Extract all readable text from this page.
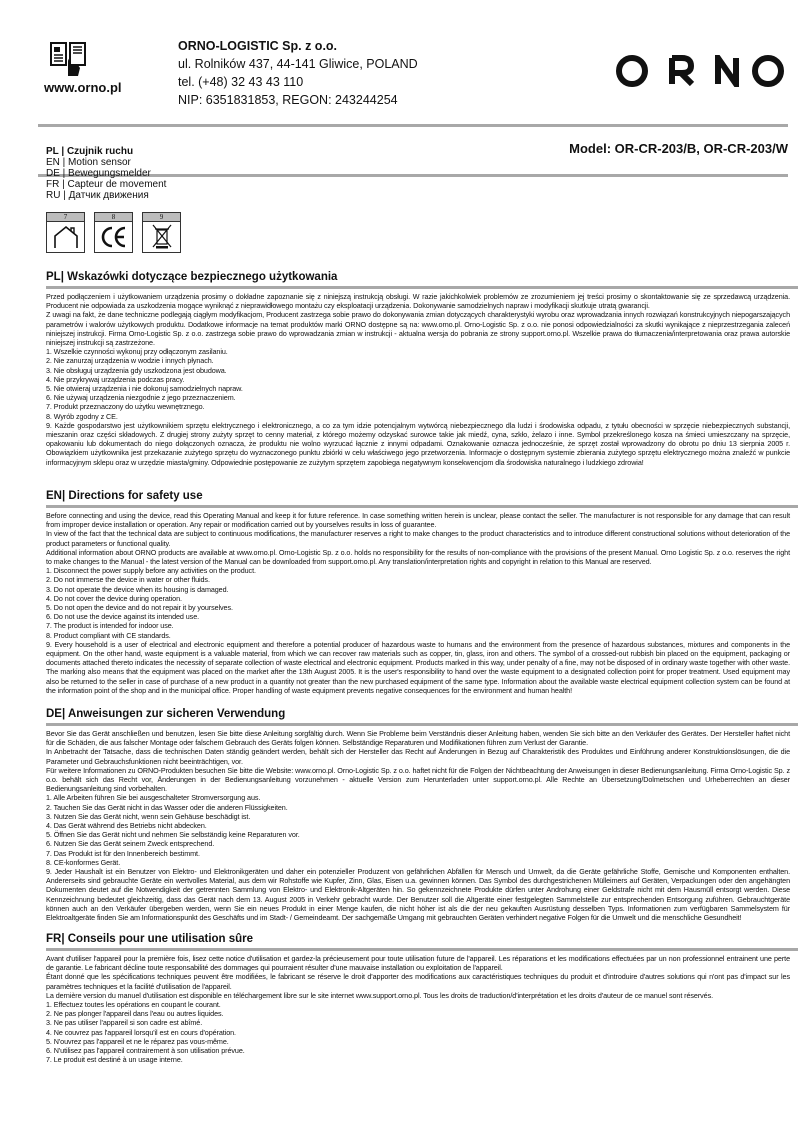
www.orno.pl
ORNO-LOGISTIC Sp. z o.o.
ul. Rolników 437, 44-141 Gliwice, POLAND
tel. (+48) 32 43 43 110
NIP: 6351831853, REGON: 243244254
Model: OR-CR-203/B, OR-CR-203/W
PL | Czujnik ruchu
EN | Motion sensor
DE | Bewegungsmelder
FR | Capteur de movement
RU | Датчик движения
7	8	9
PL| Wskazówki dotyczące bezpiecznego użytkowania

Przed podłączeniem i użytkowaniem urządzenia prosimy o dokładne zapoznanie się z niniejszą instrukcją obsługi. W razie jakichkolwiek problemów ze zrozumieniem jej treści prosimy o skontaktowanie się ze sprzedawcą urządzenia. Producent nie odpowiada za uszkodzenia mogące wyniknąć z nieprawidłowego montażu czy eksploatacji urządzenia. Dokonywanie samodzielnych napraw i modyfikacji skutkuje utratą gwarancji.

Z uwagi na fakt, że dane techniczne podlegają ciągłym modyfikacjom, Producent zastrzega sobie prawo do dokonywania zmian dotyczących charakterystyki wyrobu oraz wprowadzania innych rozwiązań konstrukcyjnych niepogarszających parametrów i walorów użytkowych produktu. Dodatkowe informacje na temat produktów marki ORNO dostępne są na: www.orno.pl. Orno-Logistic Sp. z o.o. nie ponosi odpowiedzialności za skutki wynikające z nieprzestrzegania zaleceń niniejszej instrukcji. Firma Orno-Logistic Sp. z o.o. zastrzega sobie prawo do wprowadzania zmian w instrukcji - aktualna wersja do pobrania ze strony support.orno.pl. Wszelkie prawa do tłumaczenia/interpretowania oraz prawa autorskie niniejszej instrukcji są zastrzeżone.

1. Wszelkie czynności wykonuj przy odłączonym zasilaniu.

2. Nie zanurzaj urządzenia w wodzie i innych płynach.

3. Nie obsługuj urządzenia gdy uszkodzona jest obudowa.

4. Nie przykrywaj urządzenia podczas pracy.

5. Nie otwieraj urządzenia i nie dokonuj samodzielnych napraw.

6. Nie używaj urządzenia niezgodnie z jego przeznaczeniem.

7. Produkt przeznaczony do użytku wewnętrznego.

8. Wyrób zgodny z CE.

9. Każde gospodarstwo jest użytkownikiem sprzętu elektrycznego i elektronicznego, a co za tym idzie potencjalnym wytwórcą niebezpiecznego dla ludzi i środowiska odpadu, z tytułu obecności w sprzęcie niebezpiecznych substancji, mieszanin oraz części składowych. Z drugiej strony zużyty sprzęt to cenny materiał, z którego możemy odzyskać surowce takie jak miedź, cyna, szkło, żelazo i inne. Symbol przekreślonego kosza na śmieci umieszczany na sprzęcie, opakowaniu lub dokumentach do niego dołączonych oznacza, że produktu nie wolno wyrzucać łącznie z innymi odpadami. Oznakowanie oznacza jednocześnie, że sprzęt został wprowadzony do obrotu po dniu 13 sierpnia 2005 r. Obowiązkiem użytkownika jest przekazanie zużytego sprzętu do wyznaczonego punktu zbiórki w celu właściwego jego przetworzenia. Informacje o dostępnym systemie zbierania zużytego sprzętu elektrycznego można znaleźć w punkcie informacyjnym sklepu oraz w urzędzie miasta/gminy. Odpowiednie postępowanie ze zużytym sprzętem zapobiega negatywnym konsekwencjom dla środowiska naturalnego i ludzkiego zdrowia!

EN| Directions for safety use

Before connecting and using the device, read this Operating Manual and keep it for future reference. In case something written herein is unclear, please contact the seller. The manufacturer is not responsible for any damage that can result from improper device installation or operation. Any repair or modification carried out by yourselves results in loss of guarantee.

In view of the fact that the technical data are subject to continuous modifications, the manufacturer reserves a right to make changes to the product characteristics and to introduce different constructional solutions without deterioration of the product parameters or functional quality.

Additional information about ORNO products are available at www.orno.pl. Orno-Logistic Sp. z o.o. holds no responsibility for the results of non-compliance with the provisions of the present Manual. Orno Logistic Sp. z o.o. reserves the right to make changes to the Manual - the latest version of the Manual can be downloaded from support.orno.pl. Any translation/interpretation rights and copyright in relation to this Manual are reserved.

1. Disconnect the power supply before any activities on the product.

2. Do not immerse the device in water or other fluids.

3. Do not operate the device when its housing is damaged.

4. Do not cover the device during operation.

5. Do not open the device and do not repair it by yourselves.

6. Do not use the device against its intended use.

7. The product is intended for indoor use.

8. Product compliant with CE standards.

9. Every household is a user of electrical and electronic equipment and therefore a potential producer of hazardous waste to humans and the environment from the presence of hazardous substances, mixtures and components in the equipment. On the other hand, waste equipment is a valuable material, from which we can recover raw materials such as copper, tin, glass, iron and others. The symbol of a crossed-out rubbish bin placed on the equipment, packaging or documents attached thereto indicates the necessity of separate collection of waste electrical and electronic equipment. Products marked in this way, under penalty of a fine, may not be disposed of in ordinary waste together with other waste. The marking also means that the equipment was placed on the market after the 13th August 2005. It is the user's responsibility to hand over the waste equipment to a designated collection point for proper treatment. Used equipment may also be returned to the seller in case of purchase of a new product in a quantity not greater than the new purchased equipment of the same type. Information about the available waste electrical equipment collection system can be found at the information point of the shop and in the municipal office. Proper handling of waste equipment prevents negative consequences for the environment and human health!

DE| Anweisungen zur sicheren Verwendung

Bevor Sie das Gerät anschließen und benutzen, lesen Sie bitte diese Anleitung sorgfältig durch. Wenn Sie Probleme beim Verständnis dieser Anleitung haben, wenden Sie sich bitte an den Verkäufer des Gerätes. Der Hersteller haftet nicht für die Schäden, die aus falscher Montage oder falschem Gebrauch des Geräts folgen können. Selbständige Reparaturen und Modifikationen führen zum Verlust der Garantie.

In Anbetracht der Tatsache, dass die technischen Daten ständig geändert werden, behält sich der Hersteller das Recht auf Änderungen in Bezug auf Charakteristik des Produktes und Einführung anderer Konstruktionslösungen, die die Parameter und Gebrauchsfunktionen nicht beeinträchtigen, vor.

Für weitere Informationen zu ORNO-Produkten besuchen Sie bitte die Website: www.orno.pl. Orno-Logistic Sp. z o.o. haftet nicht für die Folgen der Nichtbeachtung der Anweisungen in dieser Bedienungsanleitung. Firma Orno-Logistic Sp. z o.o. behält sich das Recht vor, Änderungen in der Bedienungsanleitung vorzunehmen - aktuelle Version zum Herunterladen unter support.orno.pl. Alle Rechte an Übersetzung/Dolmetschen und Urheberrechten an dieser Bedienungsanleitung sind vorbehalten.

1. Alle Arbeiten führen Sie bei ausgeschalteter Stromversorgung aus.

2. Tauchen Sie das Gerät nicht in das Wasser oder die anderen Flüssigkeiten.

3. Nutzen Sie das Gerät nicht, wenn sein Gehäuse beschädigt ist.

4. Das Gerät während des Betriebs nicht abdecken.

5. Öffnen Sie das Gerät nicht und nehmen Sie selbständig keine Reparaturen vor.

6. Nutzen Sie das Gerät seinem Zweck entsprechend.

7. Das Produkt ist für den Innenbereich bestimmt.

8. CE-konformes Gerät.

9. Jeder Haushalt ist ein Benutzer von Elektro- und Elektronikgeräten und daher ein potenzieller Produzent von gefährlichen Abfällen für Mensch und Umwelt, da die Geräte gefährliche Stoffe, Gemische und Komponenten enthalten. Andererseits sind gebrauchte Geräte ein wertvolles Material, aus dem wir Rohstoffe wie Kupfer, Zinn, Glas, Eisen u.a. gewinnen können. Das Symbol des durchgestrichenen Mülleimers auf Geräten, Verpackungen oder den angehängten Dokumenten deutet auf die Notwendigkeit der getrennten Sammlung von Elektro- und Elektronik-Altgeräten hin. So gekennzeichnete Produkte dürfen unter Androhung einer Geldstrafe nicht mit dem Hausmüll entsorgt werden. Diese Kennzeichnung bedeutet gleichzeitig, dass das Gerät nach dem 13. August 2005 in Verkehr gebracht wurde. Der Benutzer soll die Altgeräte einer festgelegten Sammelstelle zur entsprechenden Entsorgung zuführen. Gebrauchtgeräte können auch an den Verkäufer übergeben werden, wenn Sie ein neues Produkt in einer Menge kaufen, die nicht höher ist als die der neu gekauften Ausrüstung desselben Typs. Informationen zum verfügbaren Sammelsystem für Elektroaltgeräte finden Sie am Informationspunkt des Geschäfts und im Stadt- / Gemeindeamt. Der sachgemäße Umgang mit gebrauchten Geräten verhindert negative Folgen für die Umwelt und die menschliche Gesundheit!

FR| Conseils pour une utilisation sûre

Avant d'utiliser l'appareil pour la première fois, lisez cette notice d'utilisation et gardez-la précieusement pour toute utilisation future de l'appareil. Les réparations et les modifications effectuées par un non professionnel entrainent une perte de garantie. Le fabricant décline toute responsabilité des dommages qui pourraient résulter d'une mauvaise installation ou exploitation de l'appareil.

Étant donné que les spécifications techniques peuvent être modifiées, le fabricant se réserve le droit d'apporter des modifications aux caractéristiques techniques du produit et d'introduire d'autres solutions qui n'ont pas d'impact sur les paramètres techniques et la facilité d'utilisation de l'appareil.

La dernière version du manuel d'utilisation est disponible en téléchargement libre sur le site internet www.support.orno.pl. Tous les droits de traduction/d'interprétation et les droits d'auteur de ce manuel sont réservés.

1. Effectuez toutes les opérations en coupant le courant.

2. Ne pas plonger l'appareil dans l'eau ou autres liquides.

3. Ne pas utiliser l'appareil si son cadre est abîmé.

4. Ne couvrez pas l'appareil lorsqu'il est en cours d'opération.

5. N'ouvrez pas l'appareil et ne le réparez pas vous-même.

6. N'utilisez pas l'appareil contrairement à son utilisation prévue.

7. Le produit est destiné à un usage interne.
